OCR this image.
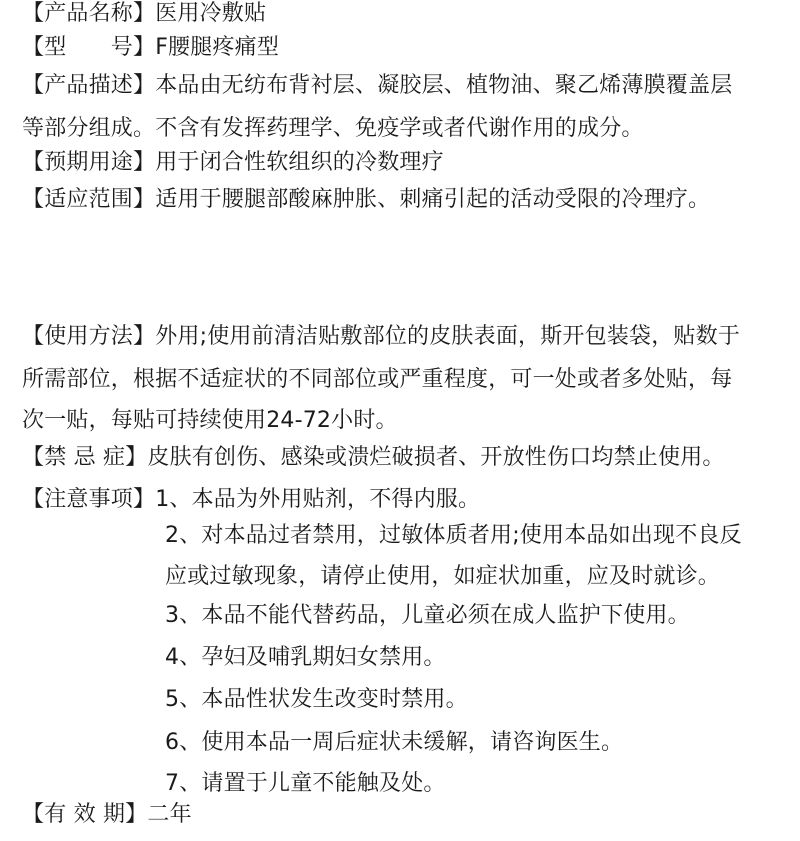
【产品名称】医用冷敷贴
【型　　号】F腰腿疼痛型
【产品描述】本品由无纺布背衬层、凝胶层、植物油、聚乙烯薄膜覆盖层
等部分组成。不含有发挥药理学、免疫学或者代谢作用的成分。
【预期用途】用于闭合性软组织的冷数理疗
【适应范围】适用于腰腿部酸麻肿胀、刺痛引起的活动受限的冷理疗。
【使用方法】外用;使用前清洁贴敷部位的皮肤表面，斯开包装袋，贴数于
所需部位，根据不适症状的不同部位或严重程度，可一处或者多处贴，每
次一贴，每贴可持续使用24-72小时。
【禁 忌 症】皮肤有创伤、感染或溃烂破损者、开放性伤口均禁止使用。
【注意事项】1、本品为外用贴剂，不得内服。
2、对本品过者禁用，过敏体质者用;使用本品如出现不良反
应或过敏现象，请停止使用，如症状加重，应及时就诊。
3、本品不能代替药品，儿童必须在成人监护下使用。
4、孕妇及哺乳期妇女禁用。
5、本品性状发生改变时禁用。
6、使用本品一周后症状未缓解，请咨询医生。
7、请置于儿童不能触及处。
【有 效 期】二年
